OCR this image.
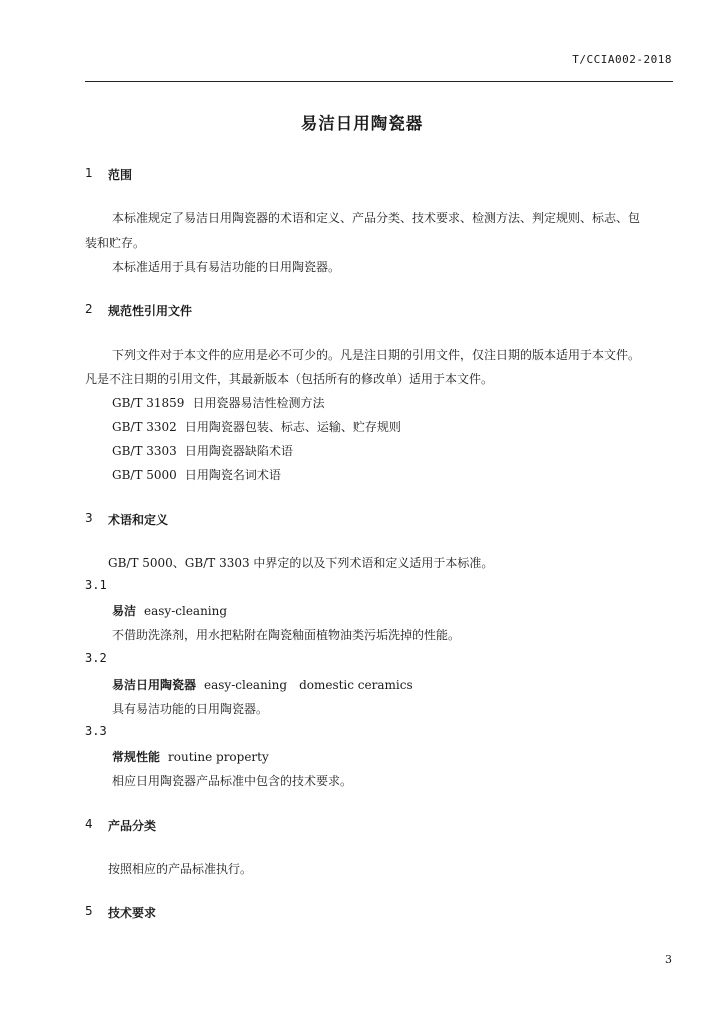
T/CCIA002-2018
易洁日用陶瓷器
1 范围
本标准规定了易洁日用陶瓷器的术语和定义、产品分类、技术要求、检测方法、判定规则、标志、包
装和贮存。
本标准适用于具有易洁功能的日用陶瓷器。
2 规范性引用文件
下列文件对于本文件的应用是必不可少的。凡是注日期的引用文件，仅注日期的版本适用于本文件。
凡是不注日期的引用文件，其最新版本（包括所有的修改单）适用于本文件。
GB/T 31859 日用瓷器易洁性检测方法
GB/T 3302 日用陶瓷器包装、标志、运输、贮存规则
GB/T 3303 日用陶瓷器缺陷术语
GB/T 5000 日用陶瓷名词术语
3 术语和定义
GB/T 5000、GB/T 3303 中界定的以及下列术语和定义适用于本标准。
3.1
易洁 easy-cleaning
不借助洗涤剂，用水把粘附在陶瓷釉面植物油类污垢洗掉的性能。
3.2
易洁日用陶瓷器 easy-cleaning domestic ceramics
具有易洁功能的日用陶瓷器。
3.3
常规性能 routine property
相应日用陶瓷器产品标准中包含的技术要求。
4 产品分类
按照相应的产品标准执行。
5 技术要求
3
